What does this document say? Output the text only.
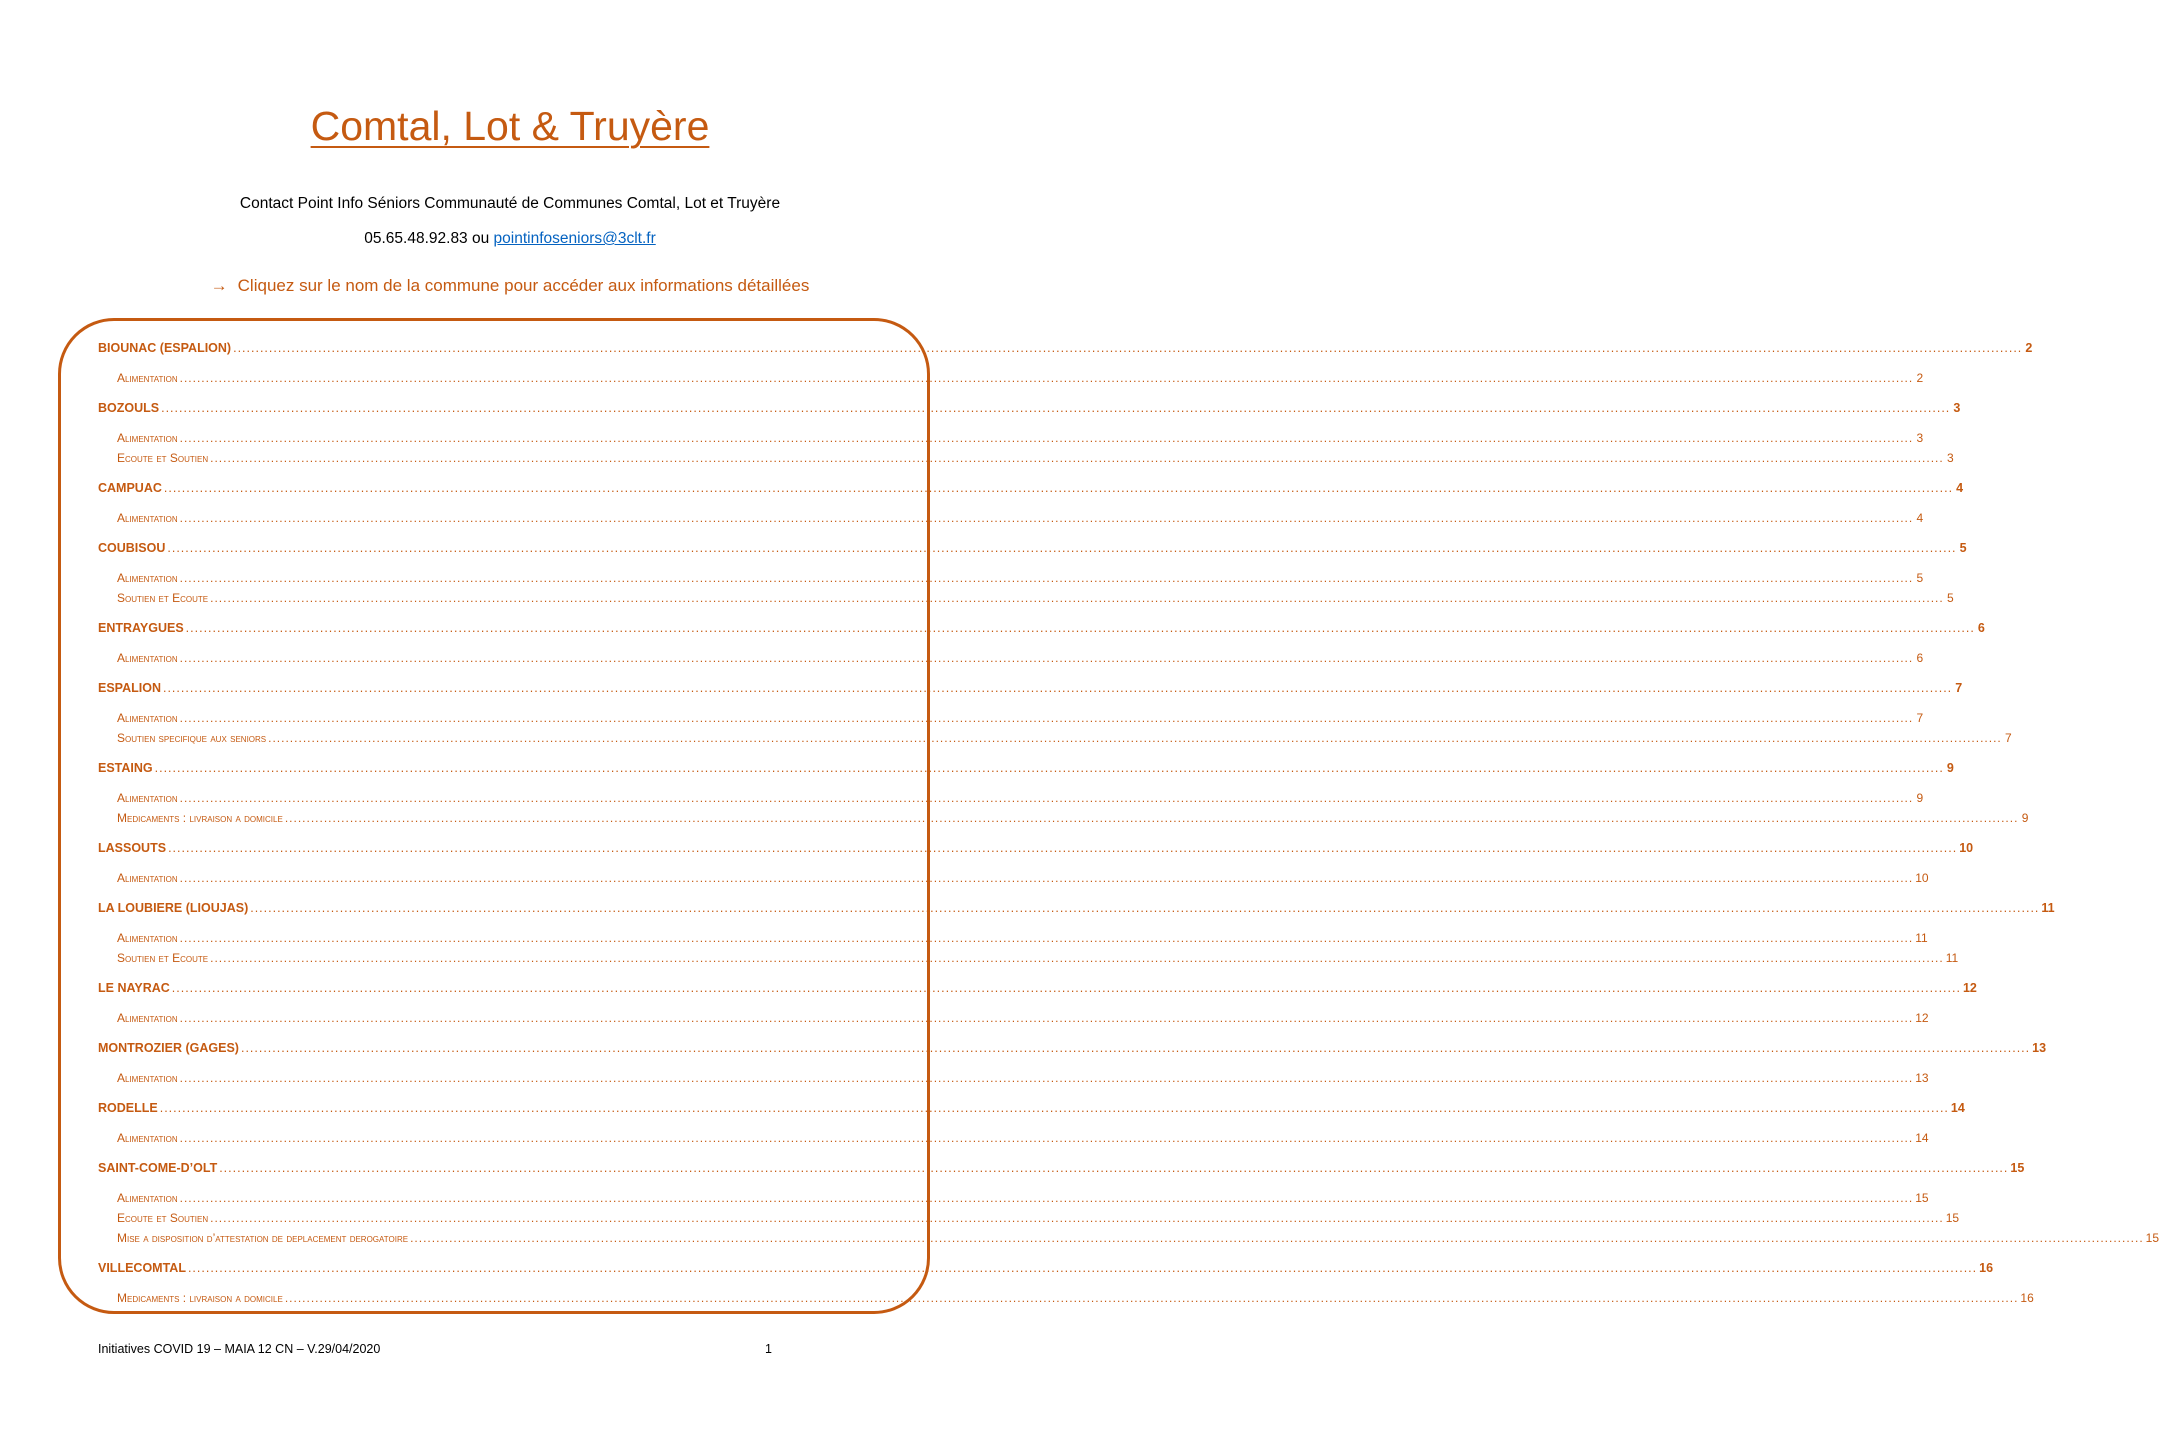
Comtal, Lot & Truyère
Contact Point Info Séniors Communauté de Communes Comtal, Lot et Truyère
05.65.48.92.83 ou pointinfoseniors@3clt.fr
→ Cliquez sur le nom de la commune pour accéder aux informations détaillées
BIOUNAC (ESPALION) ................................................................................................................................................................................................................................................................................................................................................................................................................ 2
Alimentation ................................................................................................................................................................................................................................................................................................................................................................................................................ 2
BOZOULS ................................................................................................................................................................................................................................................................................................................................................................................................................ 3
Alimentation ................................................................................................................................................................................................................................................................................................................................................................................................................ 3
Ecoute et Soutien ................................................................................................................................................................................................................................................................................................................................................................................................................ 3
CAMPUAC ................................................................................................................................................................................................................................................................................................................................................................................................................ 4
Alimentation ................................................................................................................................................................................................................................................................................................................................................................................................................ 4
COUBISOU ................................................................................................................................................................................................................................................................................................................................................................................................................ 5
Alimentation ................................................................................................................................................................................................................................................................................................................................................................................................................ 5
Soutien et Ecoute ................................................................................................................................................................................................................................................................................................................................................................................................................ 5
ENTRAYGUES ................................................................................................................................................................................................................................................................................................................................................................................................................ 6
Alimentation ................................................................................................................................................................................................................................................................................................................................................................................................................ 6
ESPALION ................................................................................................................................................................................................................................................................................................................................................................................................................ 7
Alimentation ................................................................................................................................................................................................................................................................................................................................................................................................................ 7
Soutien specifique aux seniors ................................................................................................................................................................................................................................................................................................................................................................................................................ 7
ESTAING ................................................................................................................................................................................................................................................................................................................................................................................................................ 9
Alimentation ................................................................................................................................................................................................................................................................................................................................................................................................................ 9
Medicaments : livraison a domicile ................................................................................................................................................................................................................................................................................................................................................................................................................ 9
LASSOUTS ................................................................................................................................................................................................................................................................................................................................................................................................................ 10
Alimentation ................................................................................................................................................................................................................................................................................................................................................................................................................ 10
LA LOUBIERE (LIOUJAS) ................................................................................................................................................................................................................................................................................................................................................................................................................ 11
Alimentation ................................................................................................................................................................................................................................................................................................................................................................................................................ 11
Soutien et Ecoute ................................................................................................................................................................................................................................................................................................................................................................................................................ 11
LE NAYRAC ................................................................................................................................................................................................................................................................................................................................................................................................................ 12
Alimentation ................................................................................................................................................................................................................................................................................................................................................................................................................ 12
MONTROZIER (GAGES) ................................................................................................................................................................................................................................................................................................................................................................................................................ 13
Alimentation ................................................................................................................................................................................................................................................................................................................................................................................................................ 13
RODELLE ................................................................................................................................................................................................................................................................................................................................................................................................................ 14
Alimentation ................................................................................................................................................................................................................................................................................................................................................................................................................ 14
SAINT-COME-D’OLT ................................................................................................................................................................................................................................................................................................................................................................................................................ 15
Alimentation ................................................................................................................................................................................................................................................................................................................................................................................................................ 15
Ecoute et Soutien ................................................................................................................................................................................................................................................................................................................................................................................................................ 15
Mise a disposition d’attestation de deplacement derogatoire ................................................................................................................................................................................................................................................................................................................................................................................................................ 15
VILLECOMTAL ................................................................................................................................................................................................................................................................................................................................................................................................................ 16
Medicaments : livraison a domicile ................................................................................................................................................................................................................................................................................................................................................................................................................ 16
Initiatives COVID 19 – MAIA 12 CN – V.29/04/2020	1
